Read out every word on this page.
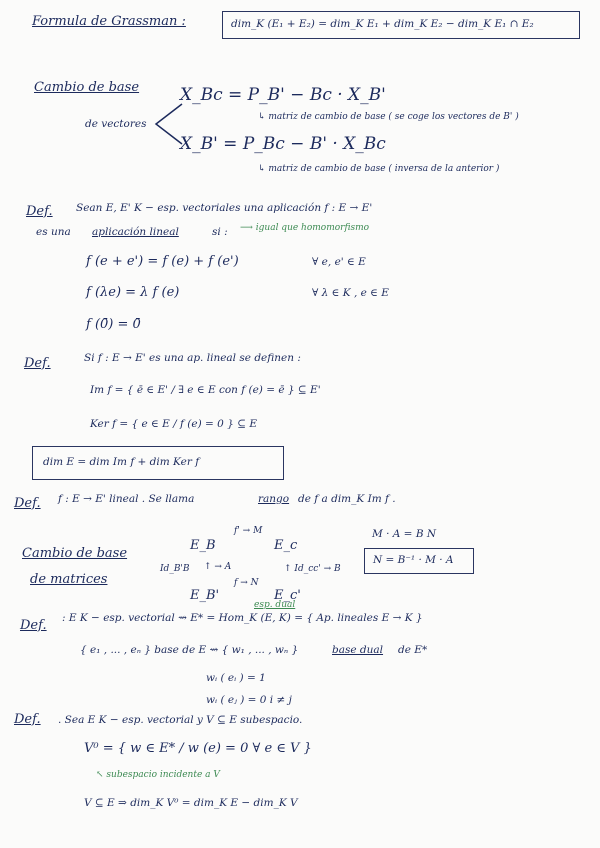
Formula de Grassman :	dim_K (E₁ + E₂) = dim_K E₁ + dim_K E₂ − dim_K E₁ ∩ E₂
Cambio de base
de vectores
X_Bc = P_B' − Bc · X_B'
↳ matriz de cambio de base ( se coge los vectores de B' )
X_B' = P_Bc − B' · X_Bc
↳ matriz de cambio de base ( inversa de la anterior )
Def. Sean E, E' K − esp. vectoriales una aplicación f : E → E'
es una aplicación lineal	si : ⟶ igual que homomorfismo
f (e + e') = f (e) + f (e')	∀ e, e' ∈ E
f (λe) = λ f (e)	∀ λ ∈ K , e ∈ E
f (0̄) = 0̄
Def.	Si f : E → E' es una ap. lineal se definen :
Im f = { ē ∈ E' / ∃ e ∈ E con f (e) = ē } ⊆ E'
Ker f = { e ∈ E / f (e) = 0 } ⊆ E
dim E = dim Im f + dim Ker f
Def. f : E → E' lineal . Se llama	rango de f a dim_K Im f .
Cambio de base
de matrices
E_B
f' → M
E_c
Id_B'B ↑ → A	↑ Id_cc' → B
E_B'
f → N
E_c'
M · A = B N
N = B⁻¹ · M · A
Def.
esp. dual
: E K − esp. vectorial ⇝ E* = Hom_K (E, K) = { Ap. lineales E → K }
{ e₁ , ... , eₙ } base de E ⇝ { w₁ , ... , wₙ }	base dual de E*
wᵢ ( eᵢ ) = 1
wᵢ ( eⱼ ) = 0 i ≠ j
Def. . Sea E K − esp. vectorial y V ⊆ E subespacio.
V⁰ = { w ∈ E* / w (e) = 0 ∀ e ∈ V }
↖ subespacio incidente a V
V ⊆ E ⇒ dim_K V⁰ = dim_K E − dim_K V
